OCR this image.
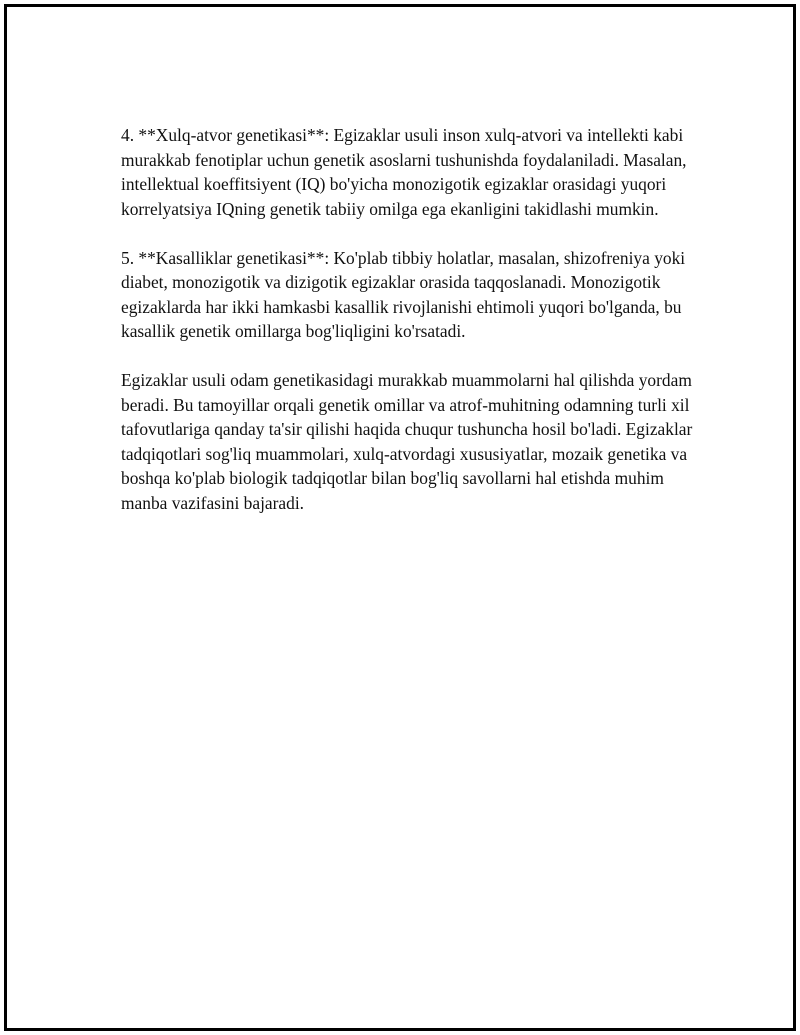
4. **Xulq-atvor genetikasi**: Egizaklar usuli inson xulq-atvori va intellekti kabi murakkab fenotiplar uchun genetik asoslarni tushunishda foydalaniladi. Masalan, intellektual koeffitsiyent (IQ) bo'yicha monozigotik egizaklar orasidagi yuqori korrelyatsiya IQning genetik tabiiy omilga ega ekanligini takidlashi mumkin.

5. **Kasalliklar genetikasi**: Ko'plab tibbiy holatlar, masalan, shizofreniya yoki diabet, monozigotik va dizigotik egizaklar orasida taqqoslanadi. Monozigotik egizaklarda har ikki hamkasbi kasallik rivojlanishi ehtimoli yuqori bo'lganda, bu kasallik genetik omillarga bog'liqligini ko'rsatadi.

Egizaklar usuli odam genetikasidagi murakkab muammolarni hal qilishda yordam beradi. Bu tamoyillar orqali genetik omillar va atrof-muhitning odamning turli xil tafovutlariga qanday ta'sir qilishi haqida chuqur tushuncha hosil bo'ladi. Egizaklar tadqiqotlari sog'liq muammolari, xulq-atvordagi xususiyatlar, mozaik genetika va boshqa ko'plab biologik tadqiqotlar bilan bog'liq savollarni hal etishda muhim manba vazifasini bajaradi.
